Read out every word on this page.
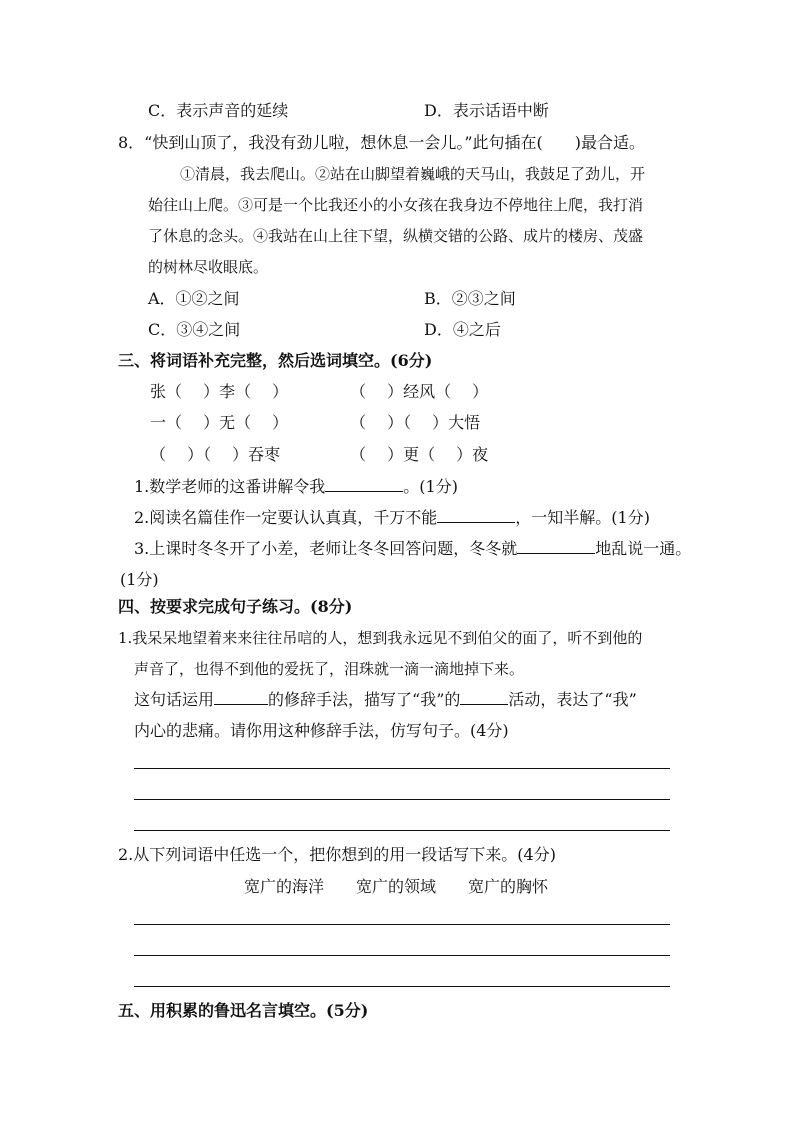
C．表示声音的延续	D．表示话语中断
8．“快到山顶了，我没有劲儿啦，想休息一会儿。”此句插在(　　)最合适。
①清晨，我去爬山。②站在山脚望着巍峨的天马山，我鼓足了劲儿，开
始往山上爬。③可是一个比我还小的小女孩在我身边不停地往上爬，我打消
了休息的念头。④我站在山上往下望，纵横交错的公路、成片的楼房、茂盛
的树林尽收眼底。
A．①②之间	B．②③之间
C．③④之间	D．④之后
三、将词语补充完整，然后选词填空。(6分)
张（　 ）李（　 ）	（　 ）经风（　 ）
一（　 ）无（　 ）	（　 ）（　 ）大悟
（　 ）（　 ）吞枣	（　 ）更（　 ）夜
1.数学老师的这番讲解令我	。(1分)
2.阅读名篇佳作一定要认认真真，千万不能	，一知半解。(1分)
3.上课时冬冬开了小差，老师让冬冬回答问题，冬冬就	地乱说一通。
(1分)
四、按要求完成句子练习。(8分)
1.我呆呆地望着来来往往吊唁的人，想到我永远见不到伯父的面了，听不到他的
声音了，也得不到他的爱抚了，泪珠就一滴一滴地掉下来。
这句话运用	的修辞手法，描写了“我”的	活动，表达了“我”
内心的悲痛。请你用这种修辞手法，仿写句子。(4分)
2.从下列词语中任选一个，把你想到的用一段话写下来。(4分)
宽广的海洋 宽广的领域 宽广的胸怀
五、用积累的鲁迅名言填空。(5分)
